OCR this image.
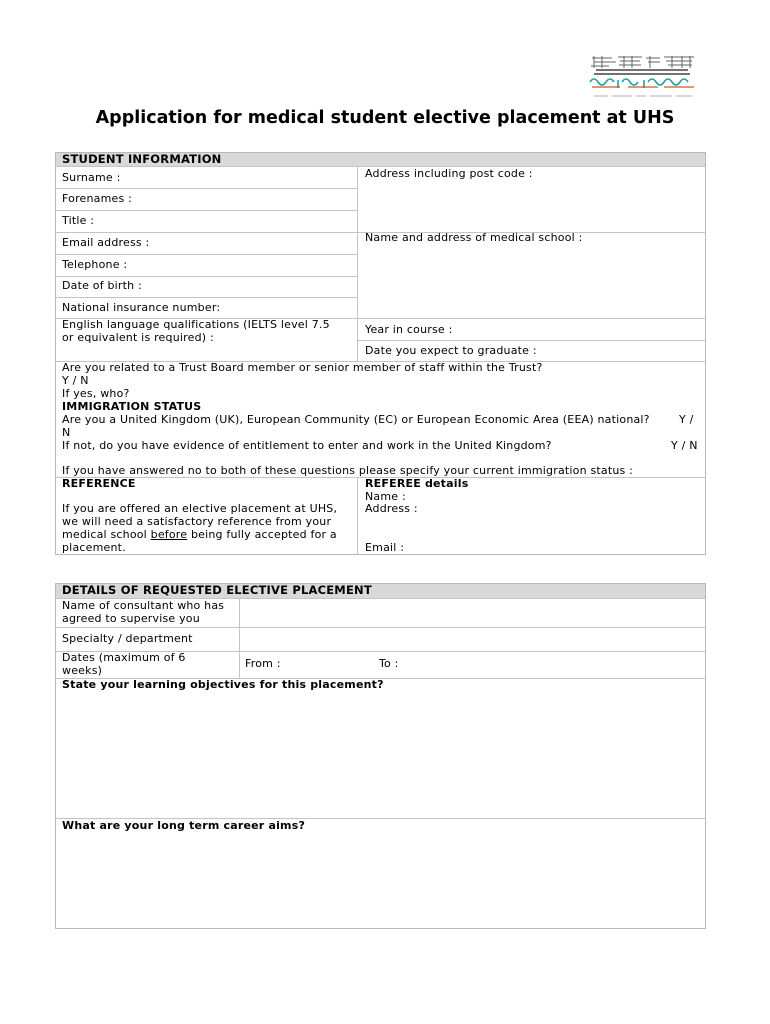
Application for medical student elective placement at UHS
STUDENT INFORMATION
Surname :
Forenames :
Title :
Email address :
Telephone :
Date of birth :
National insurance number:
English language qualifications (IELTS level 7.5
or equivalent is required) :
Address including post code :
Name and address of medical school :
Year in course :
Date you expect to graduate :
Are you related to a Trust Board member or senior member of staff within the Trust?
Y / N
If yes, who?
IMMIGRATION STATUS
Are you a United Kingdom (UK), European Community (EC) or European Economic Area (EEA) national?	Y /
N
If not, do you have evidence of entitlement to enter and work in the United Kingdom?	Y / N
If you have answered no to both of these questions please specify your current immigration status :
REFERENCE
If you are offered an elective placement at UHS,
we will need a satisfactory reference from your
medical school before being fully accepted for a
placement.
REFEREE details
Name :
Address :
Email :
DETAILS OF REQUESTED ELECTIVE PLACEMENT
Name of consultant who has
agreed to supervise you
Specialty / department
Dates (maximum of 6
weeks)
From :	To :
State your learning objectives for this placement?
What are your long term career aims?
